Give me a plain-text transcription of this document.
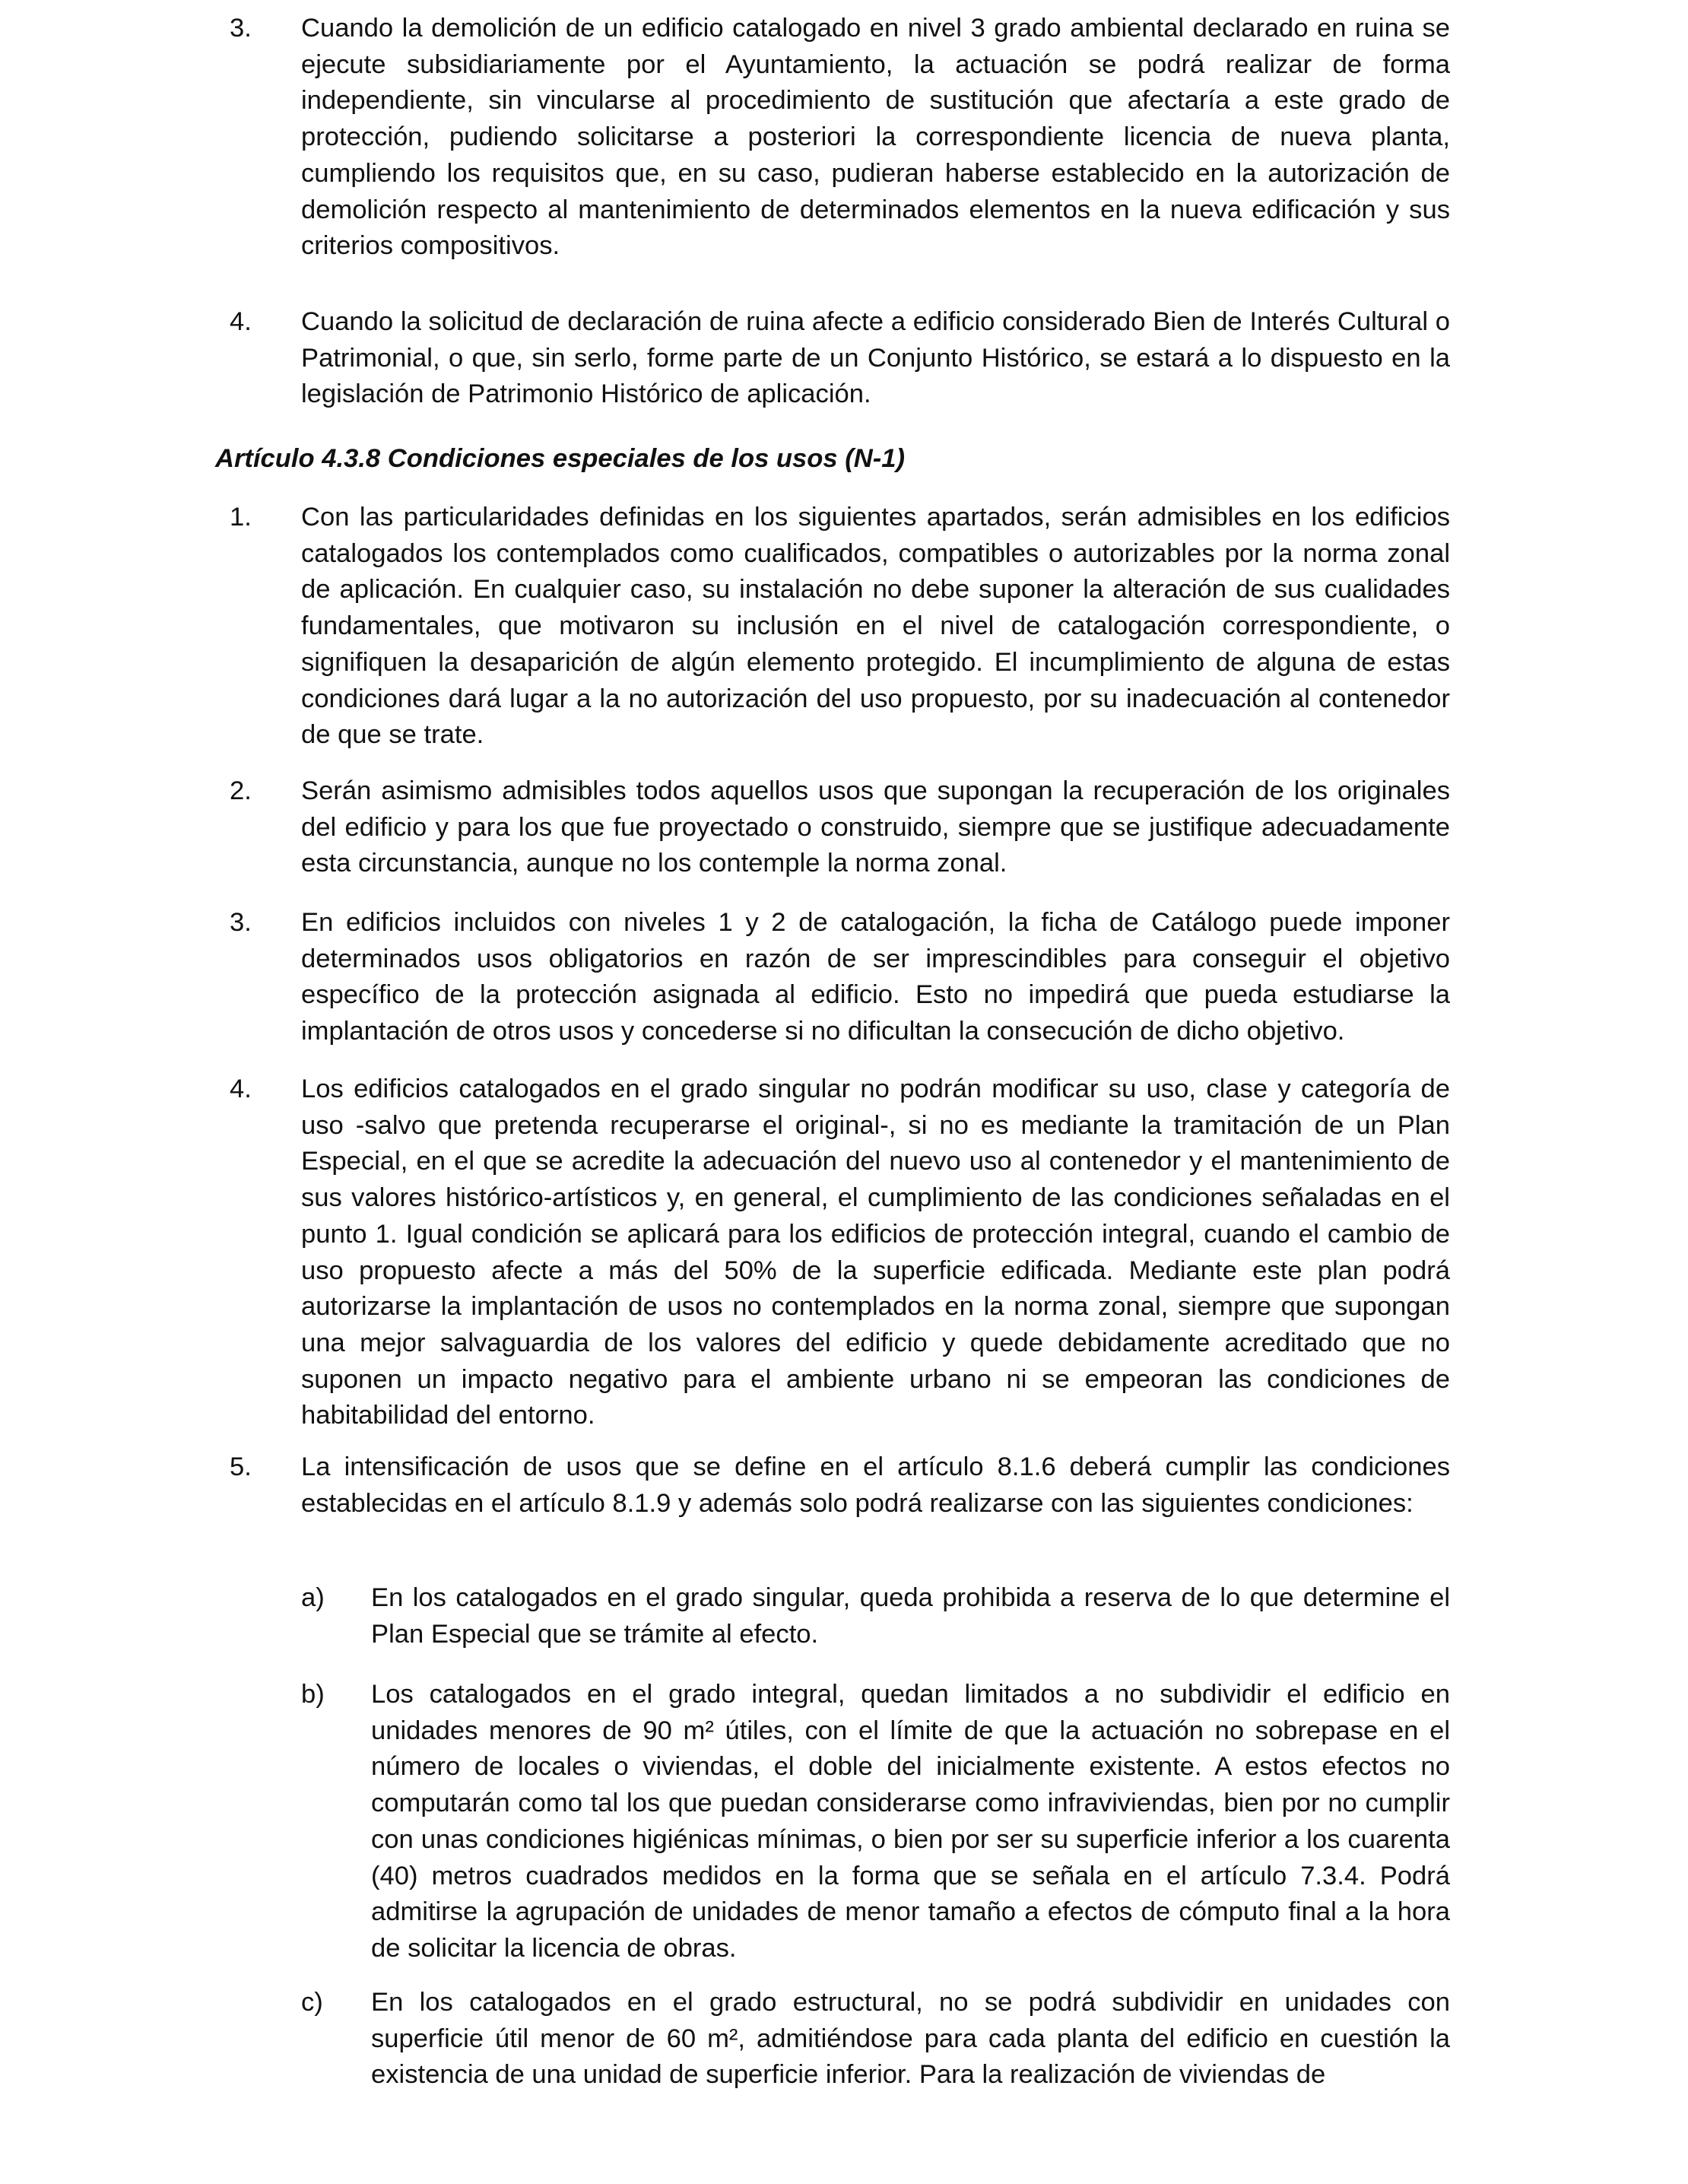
3. Cuando la demolición de un edificio catalogado en nivel 3 grado ambiental declarado en ruina se ejecute subsidiariamente por el Ayuntamiento, la actuación se podrá realizar de forma independiente, sin vincularse al procedimiento de sustitución que afectaría a este grado de protección, pudiendo solicitarse a posteriori la correspondiente licencia de nueva planta, cumpliendo los requisitos que, en su caso, pudieran haberse establecido en la autorización de demolición respecto al mantenimiento de determinados elementos en la nueva edificación y sus criterios compositivos.
4. Cuando la solicitud de declaración de ruina afecte a edificio considerado Bien de Interés Cultural o Patrimonial, o que, sin serlo, forme parte de un Conjunto Histórico, se estará a lo dispuesto en la legislación de Patrimonio Histórico de aplicación.
Artículo 4.3.8 Condiciones especiales de los usos (N-1)
1. Con las particularidades definidas en los siguientes apartados, serán admisibles en los edificios catalogados los contemplados como cualificados, compatibles o autorizables por la norma zonal de aplicación. En cualquier caso, su instalación no debe suponer la alteración de sus cualidades fundamentales, que motivaron su inclusión en el nivel de catalogación correspondiente, o signifiquen la desaparición de algún elemento protegido. El incumplimiento de alguna de estas condiciones dará lugar a la no autorización del uso propuesto, por su inadecuación al contenedor de que se trate.
2. Serán asimismo admisibles todos aquellos usos que supongan la recuperación de los originales del edificio y para los que fue proyectado o construido, siempre que se justifique adecuadamente esta circunstancia, aunque no los contemple la norma zonal.
3. En edificios incluidos con niveles 1 y 2 de catalogación, la ficha de Catálogo puede imponer determinados usos obligatorios en razón de ser imprescindibles para conseguir el objetivo específico de la protección asignada al edificio. Esto no impedirá que pueda estudiarse la implantación de otros usos y concederse si no dificultan la consecución de dicho objetivo.
4. Los edificios catalogados en el grado singular no podrán modificar su uso, clase y categoría de uso -salvo que pretenda recuperarse el original-, si no es mediante la tramitación de un Plan Especial, en el que se acredite la adecuación del nuevo uso al contenedor y el mantenimiento de sus valores histórico-artísticos y, en general, el cumplimiento de las condiciones señaladas en el punto 1. Igual condición se aplicará para los edificios de protección integral, cuando el cambio de uso propuesto afecte a más del 50% de la superficie edificada. Mediante este plan podrá autorizarse la implantación de usos no contemplados en la norma zonal, siempre que supongan una mejor salvaguardia de los valores del edificio y quede debidamente acreditado que no suponen un impacto negativo para el ambiente urbano ni se empeoran las condiciones de habitabilidad del entorno.
5. La intensificación de usos que se define en el artículo 8.1.6 deberá cumplir las condiciones establecidas en el artículo 8.1.9 y además solo podrá realizarse con las siguientes condiciones:
a) En los catalogados en el grado singular, queda prohibida a reserva de lo que determine el Plan Especial que se trámite al efecto.
b) Los catalogados en el grado integral, quedan limitados a no subdividir el edificio en unidades menores de 90 m² útiles, con el límite de que la actuación no sobrepase en el número de locales o viviendas, el doble del inicialmente existente. A estos efectos no computarán como tal los que puedan considerarse como infraviviendas, bien por no cumplir con unas condiciones higiénicas mínimas, o bien por ser su superficie inferior a los cuarenta (40) metros cuadrados medidos en la forma que se señala en el artículo 7.3.4. Podrá admitirse la agrupación de unidades de menor tamaño a efectos de cómputo final a la hora de solicitar la licencia de obras.
c) En los catalogados en el grado estructural, no se podrá subdividir en unidades con superficie útil menor de 60 m², admitiéndose para cada planta del edificio en cuestión la existencia de una unidad de superficie inferior. Para la realización de viviendas de
